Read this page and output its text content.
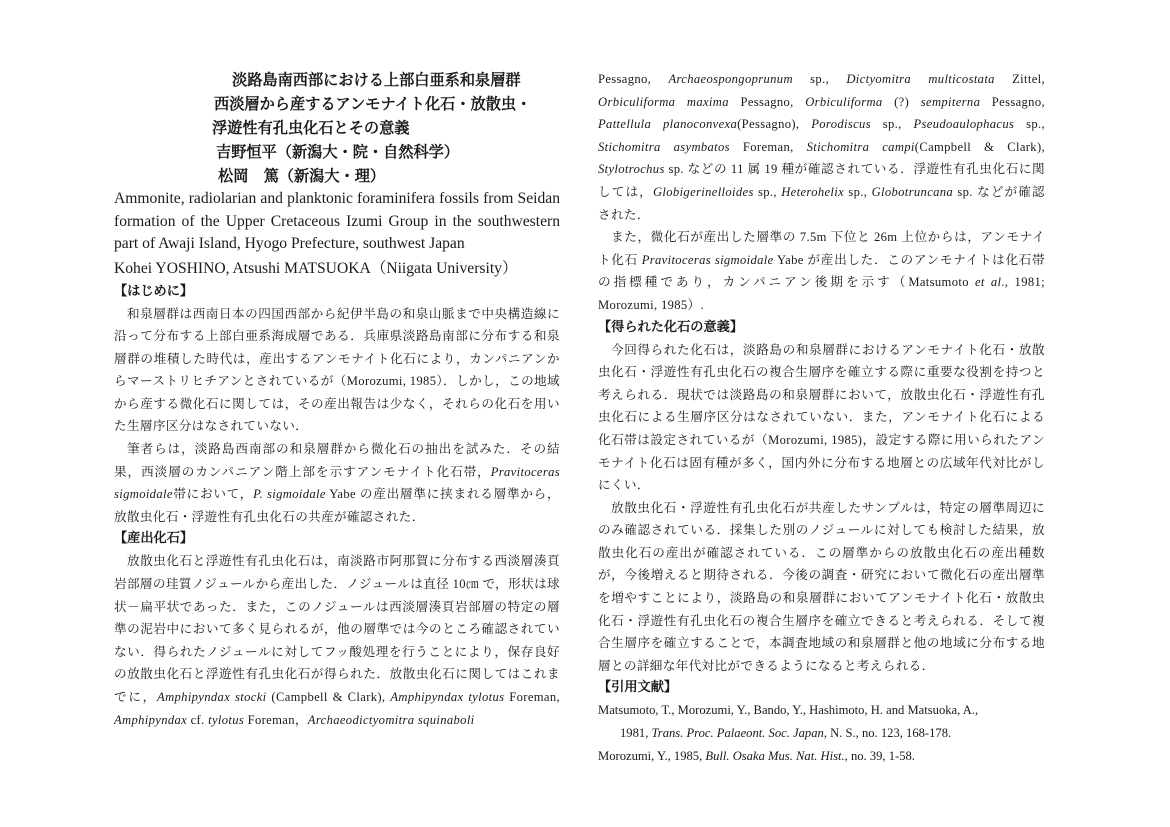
淡路島南西部における上部白亜系和泉層群
西淡層から産するアンモナイト化石・放散虫・
浮遊性有孔虫化石とその意義
吉野恒平（新潟大・院・自然科学）
松岡　篤（新潟大・理）
Ammonite, radiolarian and planktonic foraminifera fossils from Seidan formation of the Upper Cretaceous Izumi Group in the southwestern part of Awaji Island, Hyogo Prefecture, southwest Japan
Kohei YOSHINO, Atsushi MATSUOKA（Niigata University）
【はじめに】
和泉層群は西南日本の四国西部から紀伊半島の和泉山脈まで中央構造線に沿って分布する上部白亜系海成層である．兵庫県淡路島南部に分布する和泉層群の堆積した時代は，産出するアンモナイト化石により，カンパニアンからマーストリヒチアンとされているが（Morozumi, 1985）．しかし，この地域から産する微化石に関しては，その産出報告は少なく，それらの化石を用いた生層序区分はなされていない．
筆者らは，淡路島西南部の和泉層群から微化石の抽出を試みた．その結果，西淡層のカンパニアン階上部を示すアンモナイト化石帯，Pravitoceras sigmoidale帯において，P. sigmoidale Yabe の産出層準に挟まれる層準から，放散虫化石・浮遊性有孔虫化石の共産が確認された．
【産出化石】
放散虫化石と浮遊性有孔虫化石は，南淡路市阿那賀に分布する西淡層湊頁岩部層の珪質ノジュールから産出した．ノジュールは直径 10㎝ で，形状は球状－扁平状であった．また，このノジュールは西淡層湊頁岩部層の特定の層準の泥岩中において多く見られるが，他の層準では今のところ確認されていない．得られたノジュールに対してフッ酸処理を行うことにより，保存良好の放散虫化石と浮遊性有孔虫化石が得られた．放散虫化石に関してはこれまでに，Amphipyndax stocki (Campbell & Clark), Amphipyndax tylotus Foreman, Amphipyndax cf. tylotus Foreman，Archaeodictyomitra squinaboli
Pessagno, Archaeospongoprunum sp., Dictyomitra multicostata Zittel, Orbiculiforma maxima Pessagno, Orbiculiforma (?) sempiterna Pessagno, Pattellula planoconvexa(Pessagno), Porodiscus sp., Pseudoaulophacus sp., Stichomitra asymbatos Foreman, Stichomitra campi(Campbell & Clark), Stylotrochus sp. などの 11 属 19 種が確認されている．浮遊性有孔虫化石に関しては，Globigerinelloides sp., Heterohelix sp., Globotruncana sp. などが確認された．
また，微化石が産出した層準の 7.5m 下位と 26m 上位からは，アンモナイト化石 Pravitoceras sigmoidale Yabe が産出した．このアンモナイトは化石帯の指標種であり，カンパニアン後期を示す（Matsumoto et al., 1981; Morozumi, 1985）.
【得られた化石の意義】
今回得られた化石は，淡路島の和泉層群におけるアンモナイト化石・放散虫化石・浮遊性有孔虫化石の複合生層序を確立する際に重要な役割を持つと考えられる．現状では淡路島の和泉層群において，放散虫化石・浮遊性有孔虫化石による生層序区分はなされていない．また，アンモナイト化石による化石帯は設定されているが（Morozumi, 1985)，設定する際に用いられたアンモナイト化石は固有種が多く，国内外に分布する地層との広域年代対比がしにくい．
放散虫化石・浮遊性有孔虫化石が共産したサンプルは，特定の層準周辺にのみ確認されている．採集した別のノジュールに対しても検討した結果，放散虫化石の産出が確認されている．この層準からの放散虫化石の産出種数が，今後増えると期待される．今後の調査・研究において微化石の産出層準を増やすことにより，淡路島の和泉層群においてアンモナイト化石・放散虫化石・浮遊性有孔虫化石の複合生層序を確立できると考えられる．そして複合生層序を確立することで，本調査地域の和泉層群と他の地域に分布する地層との詳細な年代対比ができるようになると考えられる．
【引用文献】
Matsumoto, T., Morozumi, Y., Bando, Y., Hashimoto, H. and Matsuoka, A.,
1981, Trans. Proc. Palaeont. Soc. Japan, N. S., no. 123, 168-178.
Morozumi, Y., 1985, Bull. Osaka Mus. Nat. Hist., no. 39, 1-58.
